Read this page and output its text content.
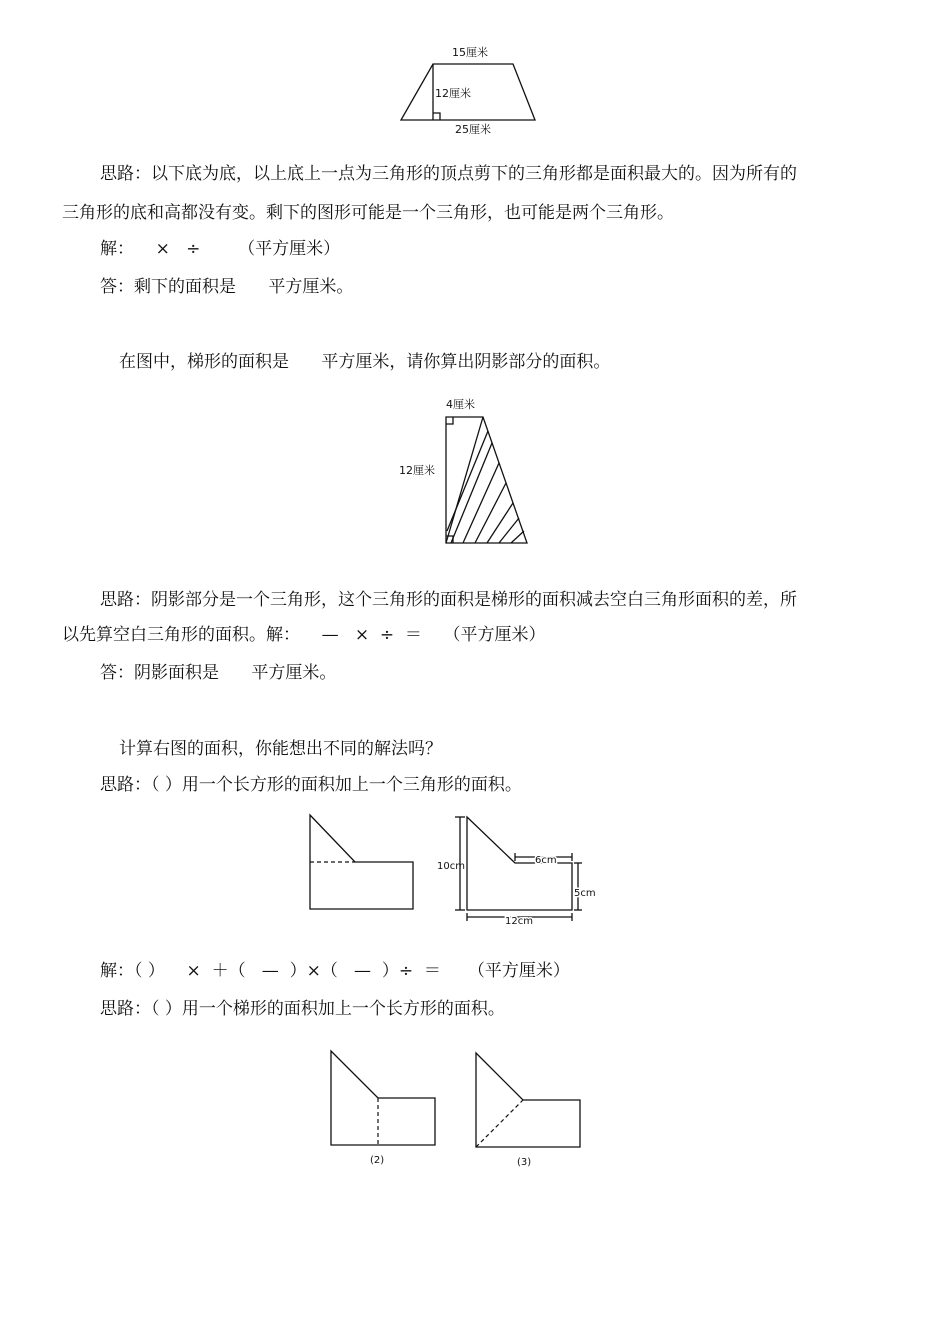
15厘米
12厘米
25厘米
思路：以下底为底，以上底上一点为三角形的顶点剪下的三角形都是面积最大的。因为所有的
三角形的底和高都没有变。剩下的图形可能是一个三角形，也可能是两个三角形。
解：    ×   ÷       （平方厘米）
答：剩下的面积是      平方厘米。
在图中，梯形的面积是      平方厘米，请你算出阴影部分的面积。
4厘米
12厘米
思路：阴影部分是一个三角形，这个三角形的面积是梯形的面积减去空白三角形面积的差，所
以先算空白三角形的面积。解：    —   ×  ÷  ＝    （平方厘米）
答：阴影面积是      平方厘米。
计算右图的面积，你能想出不同的解法吗？
思路：（ ）用一个长方形的面积加上一个三角形的面积。
10cm
6cm
5cm
12cm
解：（ ）    ×  ＋（   —  ）×（   —  ）÷  ＝     （平方厘米）
思路：（ ）用一个梯形的面积加上一个长方形的面积。
(2)	(3)
